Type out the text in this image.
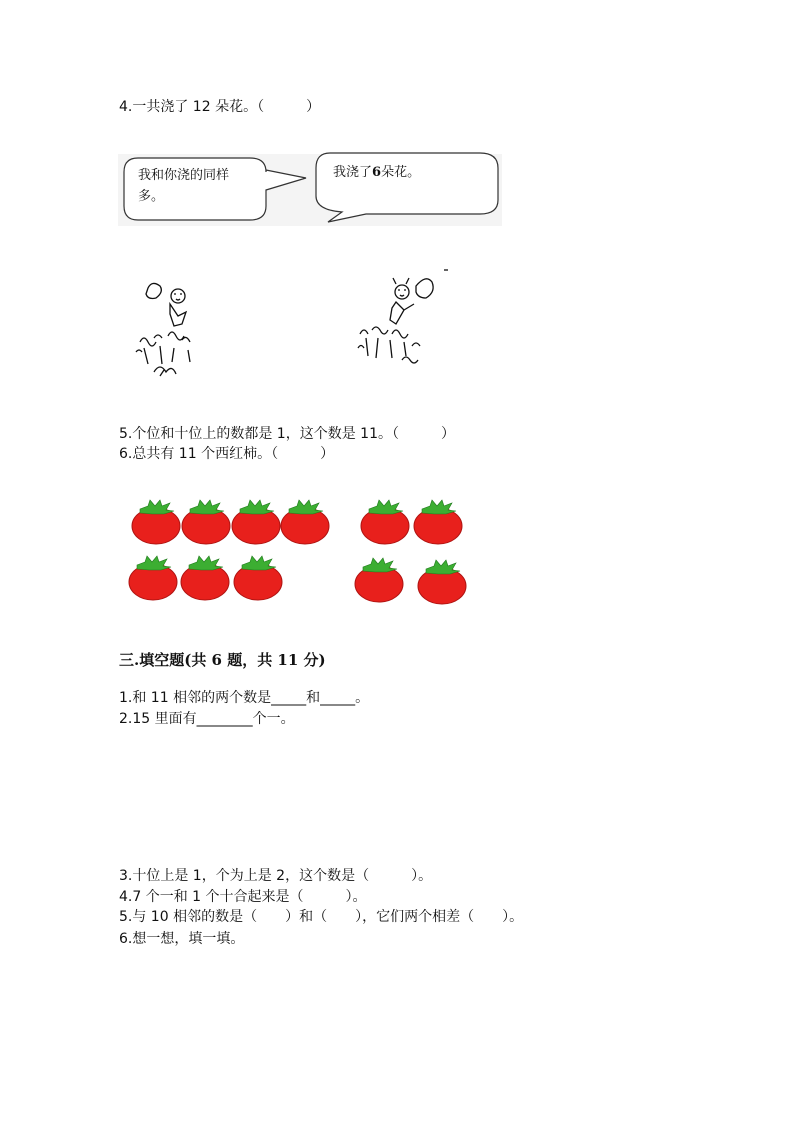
4.一共浇了 12 朵花。（　　　）
我和你浇的同样
多。
我浇了6朵花。
5.个位和十位上的数都是 1，这个数是 11。（　　　）
6.总共有 11 个西红柿。（　　　）
三.填空题(共 6 题，共 11 分)
1.和 11 相邻的两个数是_____和_____。
2.15 里面有________个一。
3.十位上是 1，个为上是 2，这个数是（　　　）。
4.7 个一和 1 个十合起来是（　　　）。
5.与 10 相邻的数是（　　）和（　　），它们两个相差（　　）。
6.想一想，填一填。
